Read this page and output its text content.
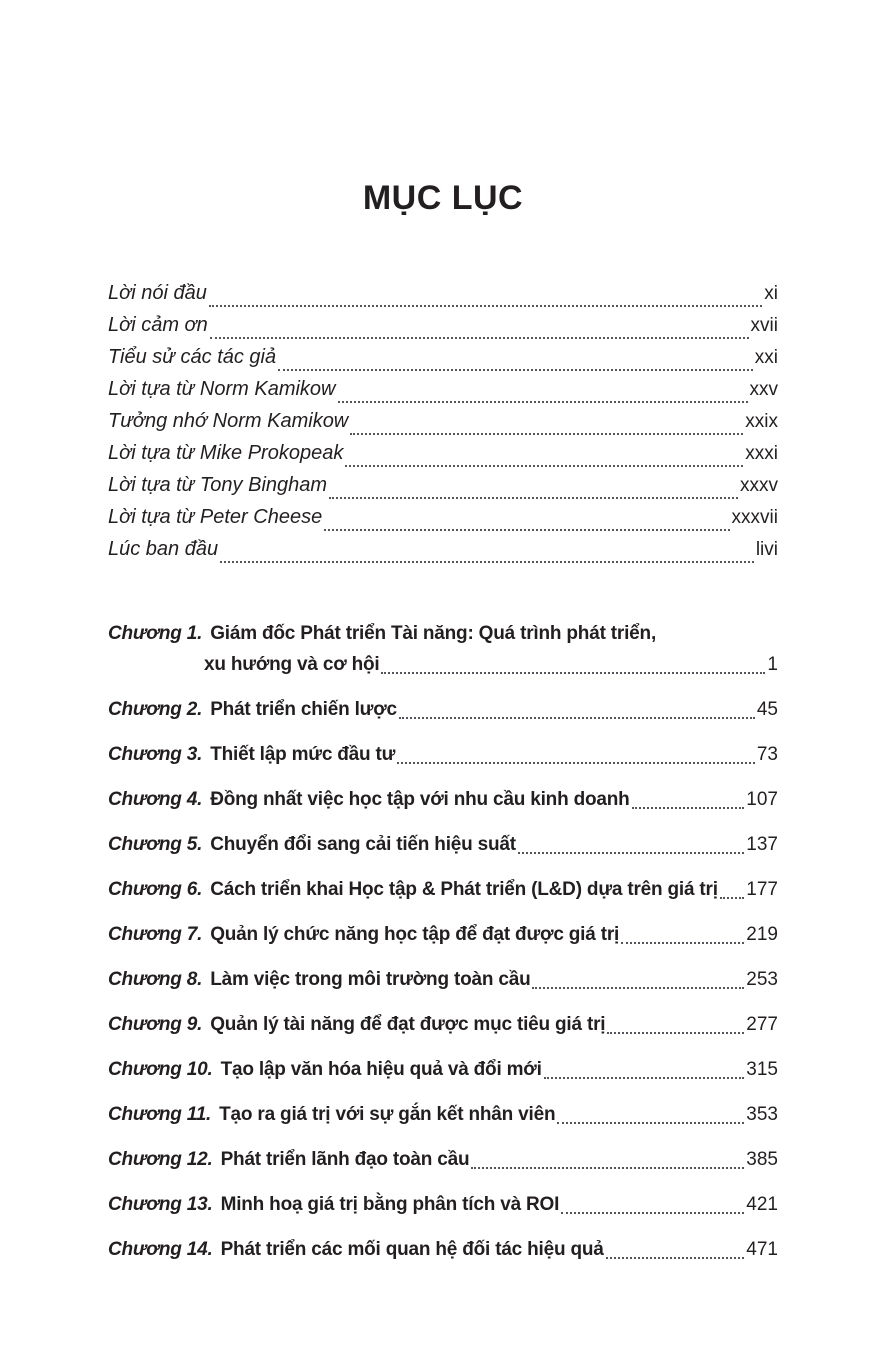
MỤC LỤC
Lời nói đầu	xi
Lời cảm ơn	xvii
Tiểu sử các tác giả	xxi
Lời tựa từ Norm Kamikow	xxv
Tưởng nhớ Norm Kamikow	xxix
Lời tựa từ Mike Prokopeak	xxxi
Lời tựa từ Tony Bingham	xxxv
Lời tựa từ Peter Cheese	xxxvii
Lúc ban đầu	livi
Chương 1. Giám đốc Phát triển Tài năng: Quá trình phát triển,
xu hướng và cơ hội	1
Chương 2. Phát triển chiến lược	45
Chương 3. Thiết lập mức đầu tư	73
Chương 4. Đồng nhất việc học tập với nhu cầu kinh doanh	107
Chương 5. Chuyển đổi sang cải tiến hiệu suất	137
Chương 6. Cách triển khai Học tập & Phát triển (L&D) dựa trên giá trị 177
Chương 7. Quản lý chức năng học tập để đạt được giá trị	219
Chương 8. Làm việc trong môi trường toàn cầu	253
Chương 9. Quản lý tài năng để đạt được mục tiêu giá trị	277
Chương 10. Tạo lập văn hóa hiệu quả và đổi mới	315
Chương 11. Tạo ra giá trị với sự gắn kết nhân viên	353
Chương 12. Phát triển lãnh đạo toàn cầu	385
Chương 13. Minh hoạ giá trị bằng phân tích và ROI	421
Chương 14. Phát triển các mối quan hệ đối tác hiệu quả	471
